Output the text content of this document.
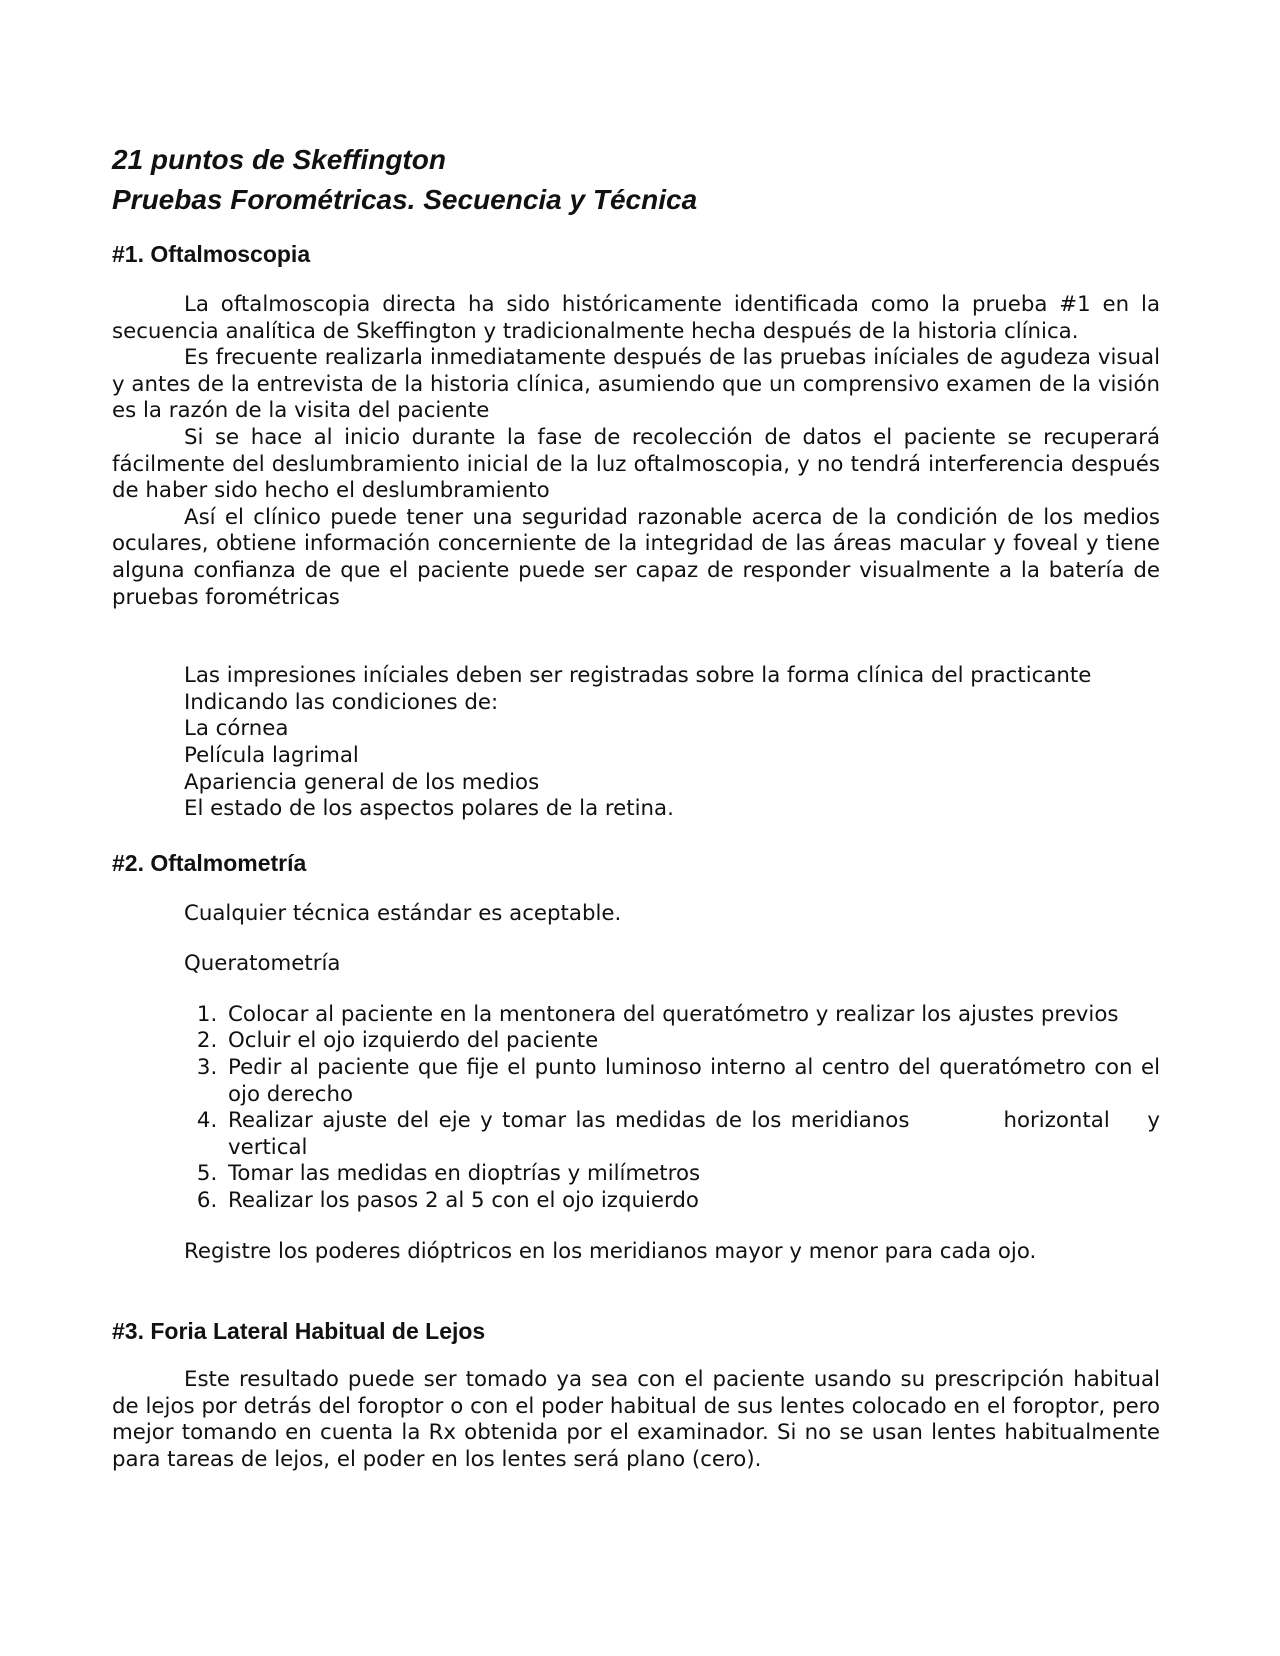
21 puntos de Skeffington
Pruebas Forométricas. Secuencia y Técnica
#1. Oftalmoscopia

La oftalmoscopia directa ha sido históricamente identificada como la prueba #1 en la secuencia analítica de Skeffington y tradicionalmente hecha después de la historia clínica.

Es frecuente realizarla inmediatamente después de las pruebas iníciales de agudeza visual y antes de la entrevista de la historia clínica, asumiendo que un comprensivo examen de la visión es la razón de la visita del paciente

Si se hace al inicio durante la fase de recolección de datos el paciente se recuperará fácilmente del deslumbramiento inicial de la luz oftalmoscopia, y no tendrá interferencia después de haber sido hecho el deslumbramiento

Así el clínico puede tener una seguridad razonable acerca de la condición de los medios oculares, obtiene información concerniente de la integridad de las áreas macular y foveal y tiene alguna confianza de que el paciente puede ser capaz de responder visualmente a la batería de pruebas forométricas

Las impresiones iníciales deben ser registradas sobre la forma clínica del practicante

Indicando las condiciones de:

La córnea

Película lagrimal

Apariencia general de los medios

El estado de los aspectos polares de la retina.

#2. Oftalmometría

Cualquier técnica estándar es aceptable.

Queratometría

1. Colocar al paciente en la mentonera del queratómetro y realizar los ajustes previos
2. Ocluir el ojo izquierdo del paciente
3. Pedir al paciente que fije el punto luminoso interno al centro del queratómetro con el ojo derecho
4. Realizar ajuste del eje y tomar las medidas de los meridianos          horizontal    y vertical
5. Tomar las medidas en dioptrías y milímetros
6. Realizar los pasos 2 al 5 con el ojo izquierdo

Registre los poderes dióptricos en los meridianos mayor y menor para cada ojo.

#3. Foria Lateral Habitual de Lejos

Este resultado puede ser tomado ya sea con el paciente usando su prescripción habitual de lejos por detrás del foroptor o con el poder habitual de sus lentes colocado en el foroptor, pero mejor tomando en cuenta la Rx obtenida por el examinador. Si no se usan lentes habitualmente para tareas de lejos, el poder en los lentes será plano (cero).
